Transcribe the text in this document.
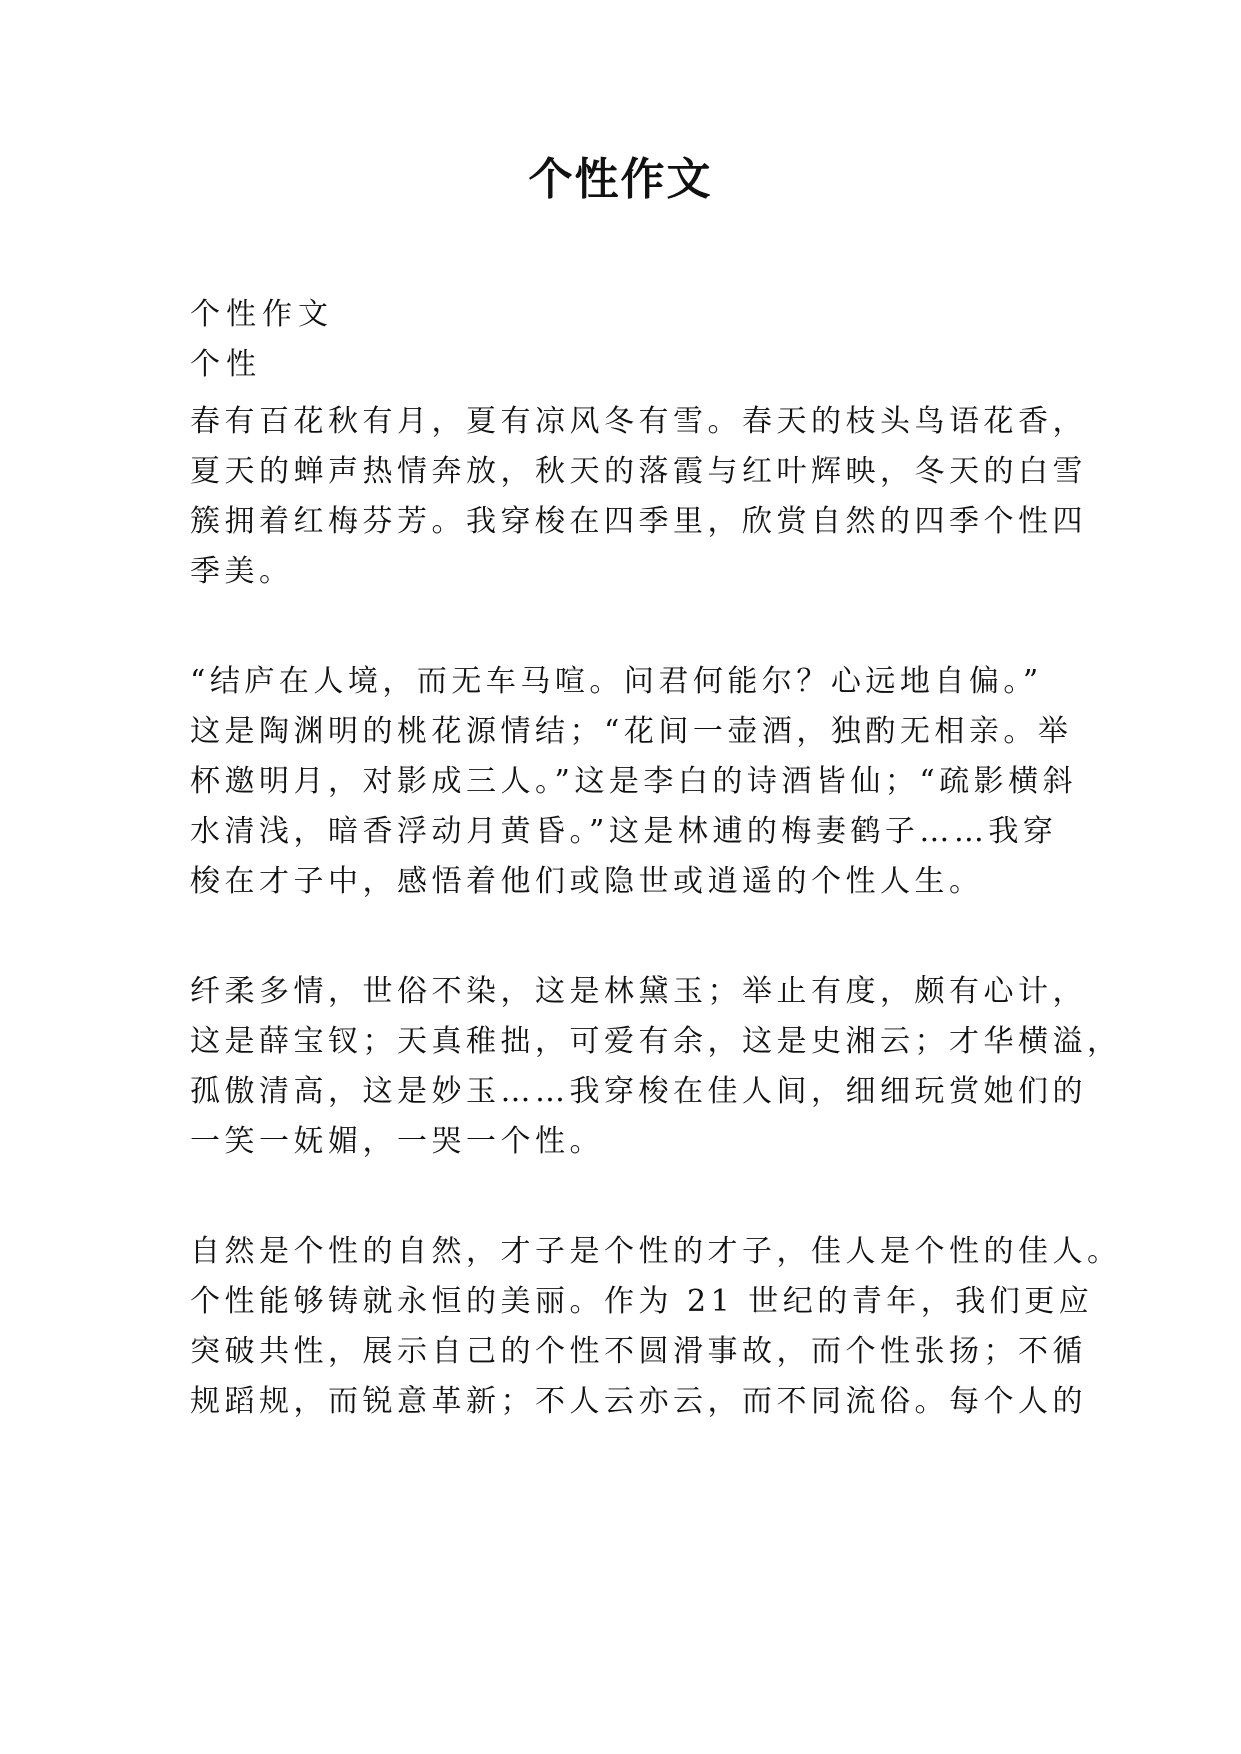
个性作文

个性作文

个性

春有百花秋有月，夏有凉风冬有雪。春天的枝头鸟语花香，

夏天的蝉声热情奔放，秋天的落霞与红叶辉映，冬天的白雪

簇拥着红梅芬芳。我穿梭在四季里，欣赏自然的四季个性四

季美。

“结庐在人境，而无车马喧。问君何能尔？心远地自偏。”

这是陶渊明的桃花源情结；“花间一壶酒，独酌无相亲。举

杯邀明月，对影成三人。”这是李白的诗酒皆仙；“疏影横斜

水清浅，暗香浮动月黄昏。”这是林逋的梅妻鹤子……我穿

梭在才子中，感悟着他们或隐世或逍遥的个性人生。

纤柔多情，世俗不染，这是林黛玉；举止有度，颇有心计，

这是薛宝钗；天真稚拙，可爱有余，这是史湘云；才华横溢，

孤傲清高，这是妙玉……我穿梭在佳人间，细细玩赏她们的

一笑一妩媚，一哭一个性。

自然是个性的自然，才子是个性的才子，佳人是个性的佳人。

个性能够铸就永恒的美丽。作为 21 世纪的青年，我们更应

突破共性，展示自己的个性不圆滑事故，而个性张扬；不循

规蹈规，而锐意革新；不人云亦云，而不同流俗。每个人的
